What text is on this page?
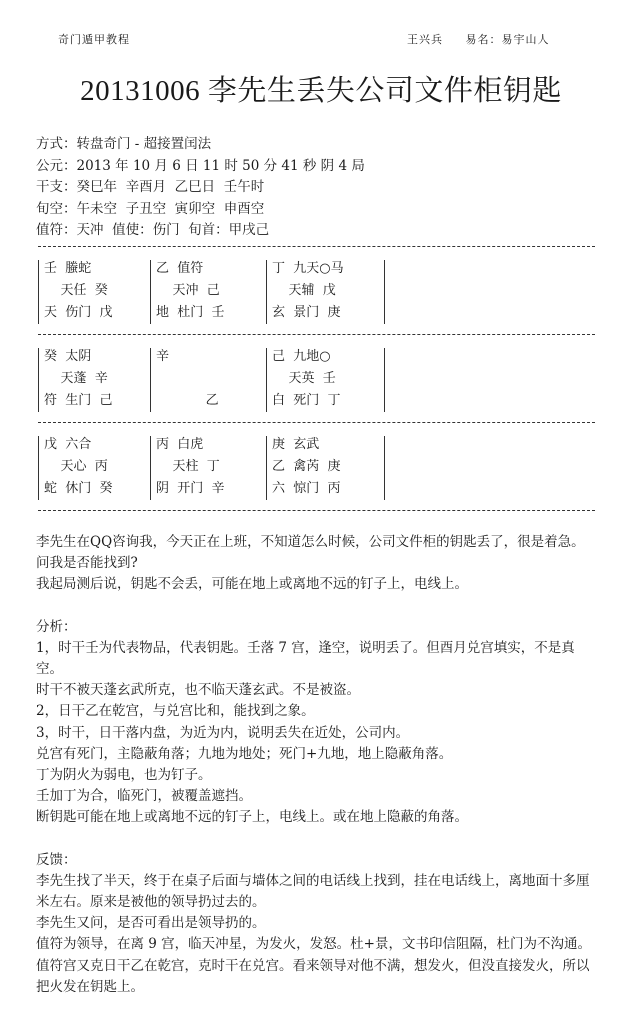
奇门遁甲教程	王兴兵 易名：易宇山人
20131006 李先生丢失公司文件柜钥匙
方式：转盘奇门 - 超接置闰法
公元：2013 年 10 月 6 日 11 时 50 分 41 秒 阴 4 局
干支：癸巳年  辛酉月  乙巳日  壬午时
旬空：午未空  子丑空  寅卯空  申酉空
值符：天冲  值使：伤门  旬首：甲戌己
壬  螣蛇
天任  癸
天  伤门  戊
乙  值符
天冲  己
地  杜门  壬
丁  九天○马
天辅  戊
玄  景门  庚
癸  太阴
天蓬  辛
符  生门  己
辛
乙
己  九地○
天英  壬
白  死门  丁
戊  六合
天心  丙
蛇  休门  癸
丙  白虎
天柱  丁
阴  开门  辛
庚  玄武
乙  禽芮  庚
六  惊门  丙

李先生在QQ咨询我，今天正在上班，不知道怎么时候，公司文件柜的钥匙丢了，很是着急。问我是否能找到?

我起局测后说，钥匙不会丢，可能在地上或离地不远的钉子上，电线上。

分析：

1，时干壬为代表物品，代表钥匙。壬落 7 宫，逢空，说明丢了。但酉月兑宫填实，不是真空。

时干不被天蓬玄武所克，也不临天蓬玄武。不是被盗。

2，日干乙在乾宫，与兑宫比和，能找到之象。

3，时干，日干落内盘，为近为内，说明丢失在近处，公司内。

兑宫有死门，主隐蔽角落；九地为地处；死门+九地，地上隐蔽角落。

丁为阴火为弱电，也为钉子。

壬加丁为合，临死门，被覆盖遮挡。

断钥匙可能在地上或离地不远的钉子上，电线上。或在地上隐蔽的角落。

反馈：

李先生找了半天，终于在桌子后面与墙体之间的电话线上找到，挂在电话线上，离地面十多厘米左右。原来是被他的领导扔过去的。

李先生又问，是否可看出是领导扔的。

值符为领导，在离 9 宫，临天冲星，为发火，发怒。杜+景，文书印信阻隔，杜门为不沟通。值符宫又克日干乙在乾宫，克时干在兑宫。看来领导对他不满，想发火，但没直接发火，所以把火发在钥匙上。
